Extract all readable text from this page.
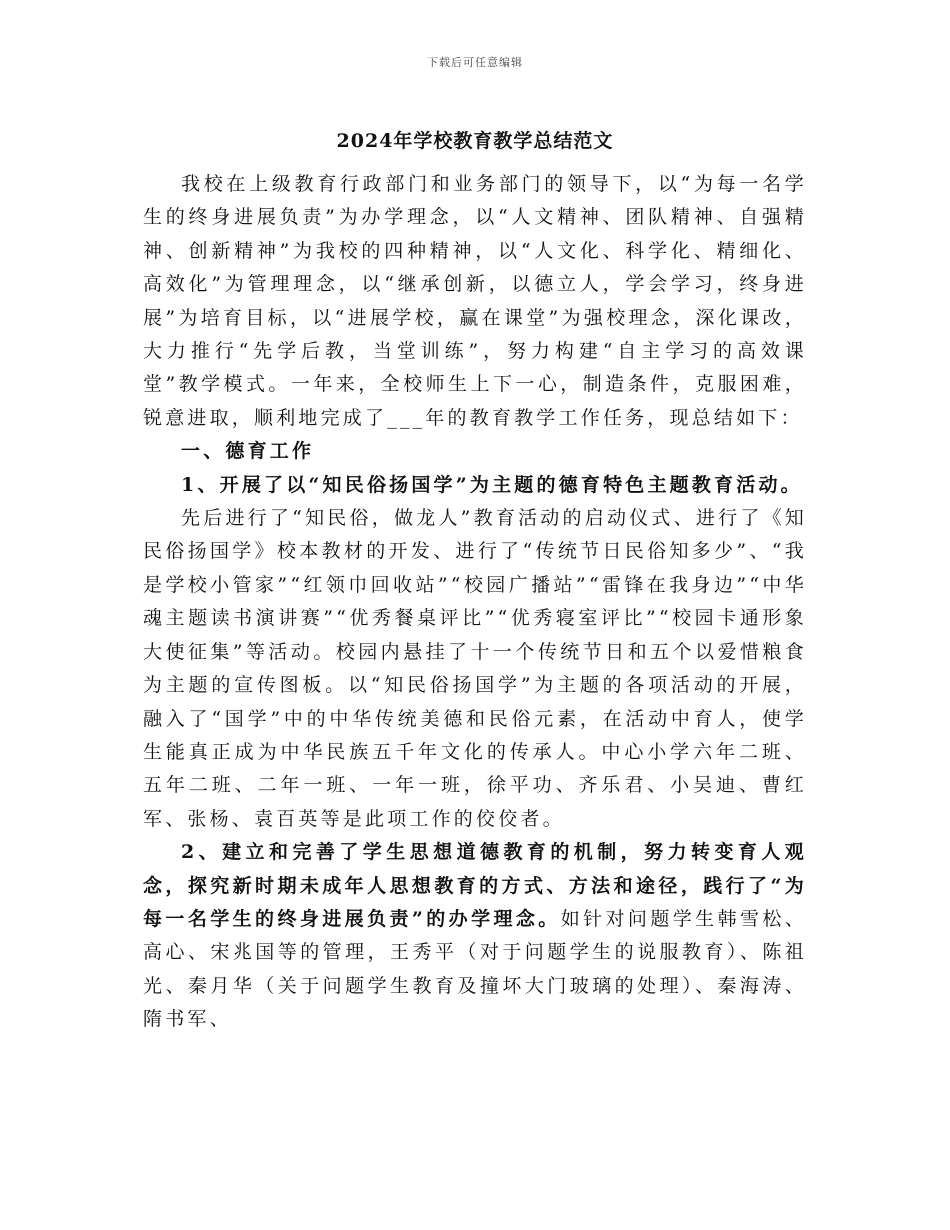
下载后可任意编辑
2024年学校教育教学总结范文

我校在上级教育行政部门和业务部门的领导下，以“为每一名学生的终身进展负责”为办学理念，以“人文精神、团队精神、自强精神、创新精神”为我校的四种精神，以“人文化、科学化、精细化、高效化”为管理理念，以“继承创新，以德立人，学会学习，终身进展”为培育目标，以“进展学校，赢在课堂”为强校理念，深化课改，大力推行“先学后教，当堂训练”，努力构建“自主学习的高效课堂”教学模式。一年来，全校师生上下一心，制造条件，克服困难，锐意进取，顺利地完成了___年的教育教学工作任务，现总结如下：

一、德育工作

1、开展了以“知民俗扬国学”为主题的德育特色主题教育活动。

先后进行了“知民俗，做龙人”教育活动的启动仪式、进行了《知民俗扬国学》校本教材的开发、进行了“传统节日民俗知多少”、“我是学校小管家”“红领巾回收站”“校园广播站”“雷锋在我身边”“中华魂主题读书演讲赛”“优秀餐桌评比”“优秀寝室评比”“校园卡通形象大使征集”等活动。校园内悬挂了十一个传统节日和五个以爱惜粮食为主题的宣传图板。以“知民俗扬国学”为主题的各项活动的开展，融入了“国学”中的中华传统美德和民俗元素，在活动中育人，使学生能真正成为中华民族五千年文化的传承人。中心小学六年二班、五年二班、二年一班、一年一班，徐平功、齐乐君、小吴迪、曹红军、张杨、袁百英等是此项工作的佼佼者。

2、建立和完善了学生思想道德教育的机制，努力转变育人观念，探究新时期未成年人思想教育的方式、方法和途径，践行了“为每一名学生的终身进展负责”的办学理念。如针对问题学生韩雪松、高心、宋兆国等的管理，王秀平（对于问题学生的说服教育）、陈祖光、秦月华（关于问题学生教育及撞坏大门玻璃的处理）、秦海涛、隋书军、
